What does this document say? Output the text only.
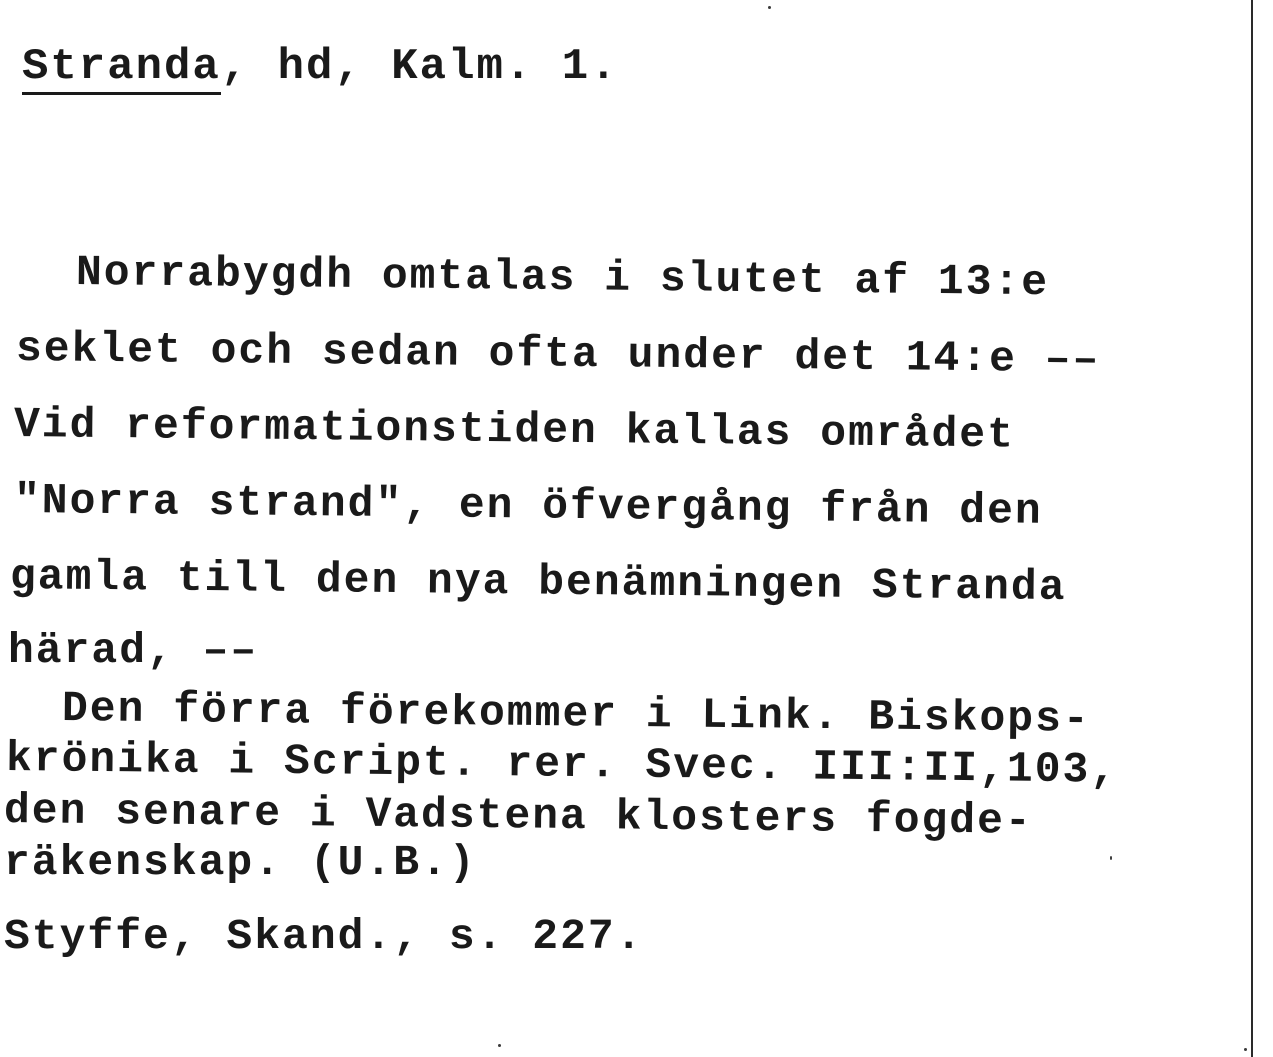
Stranda, hd, Kalm. 1.
Norrabygdh omtalas i slutet af 13:e
seklet och sedan ofta under det 14:e ––
Vid reformationstiden kallas området
"Norra strand", en öfvergång från den
gamla till den nya benämningen Stranda
härad, ––
Den förra förekommer i Link. Biskops-
krönika i Script. rer. Svec. III:II,103,
den senare i Vadstena klosters fogde-
räkenskap. (U.B.)
Styffe, Skand., s. 227.
